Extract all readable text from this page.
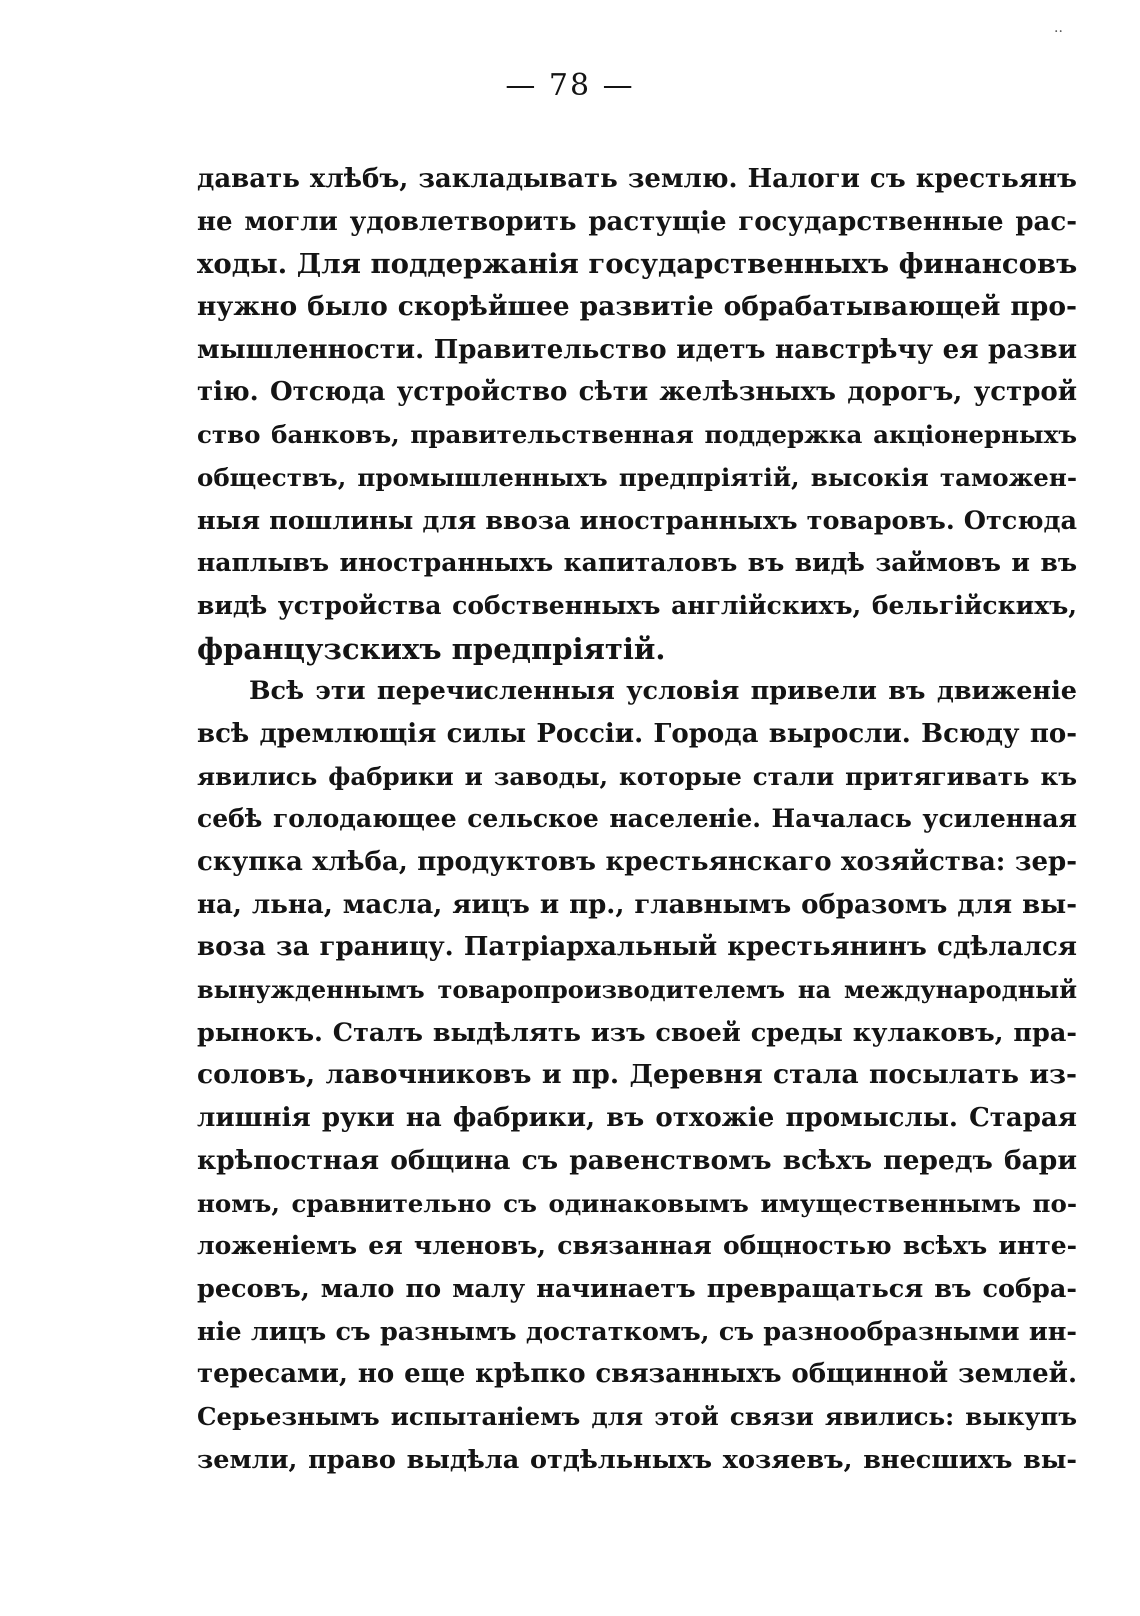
··
— 78 —
давать хлѣбъ, закладывать землю. Налоги съ крестьянъ
не могли удовлетворить растущіе государственные рас-
ходы. Для поддержанія государственныхъ финансовъ
нужно было скорѣйшее развитіе обрабатывающей про-
мышленности. Правительство идетъ навстрѣчу ея разви
тію. Отсюда устройство сѣти желѣзныхъ дорогъ, устрой
ство банковъ, правительственная поддержка акціонерныхъ
обществъ, промышленныхъ предпріятій, высокія таможен-
ныя пошлины для ввоза иностранныхъ товаровъ. Отсюда
наплывъ иностранныхъ капиталовъ въ видѣ займовъ и въ
видѣ устройства собственныхъ англійскихъ, бельгійскихъ,
французскихъ предпріятій.
Всѣ эти перечисленныя условія привели въ движеніе
всѣ дремлющія силы Россіи. Города выросли. Всюду по-
явились фабрики и заводы, которые стали притягивать къ
себѣ голодающее сельское населеніе. Началась усиленная
скупка хлѣба, продуктовъ крестьянскаго хозяйства: зер-
на, льна, масла, яицъ и пр., главнымъ образомъ для вы-
воза за границу. Патріархальный крестьянинъ сдѣлался
вынужденнымъ товаропроизводителемъ на международный
рынокъ. Сталъ выдѣлять изъ своей среды кулаковъ, пра-
соловъ, лавочниковъ и пр. Деревня стала посылать из-
лишнія руки на фабрики, въ отхожіе промыслы. Старая
крѣпостная община съ равенствомъ всѣхъ передъ бари
номъ, сравнительно съ одинаковымъ имущественнымъ по-
ложеніемъ ея членовъ, связанная общностью всѣхъ инте-
ресовъ, мало по малу начинаетъ превращаться въ собра-
ніе лицъ съ разнымъ достаткомъ, съ разнообразными ин-
тересами, но еще крѣпко связанныхъ общинной землей.
Серьезнымъ испытаніемъ для этой связи явились: выкупъ
земли, право выдѣла отдѣльныхъ хозяевъ, внесшихъ вы-
